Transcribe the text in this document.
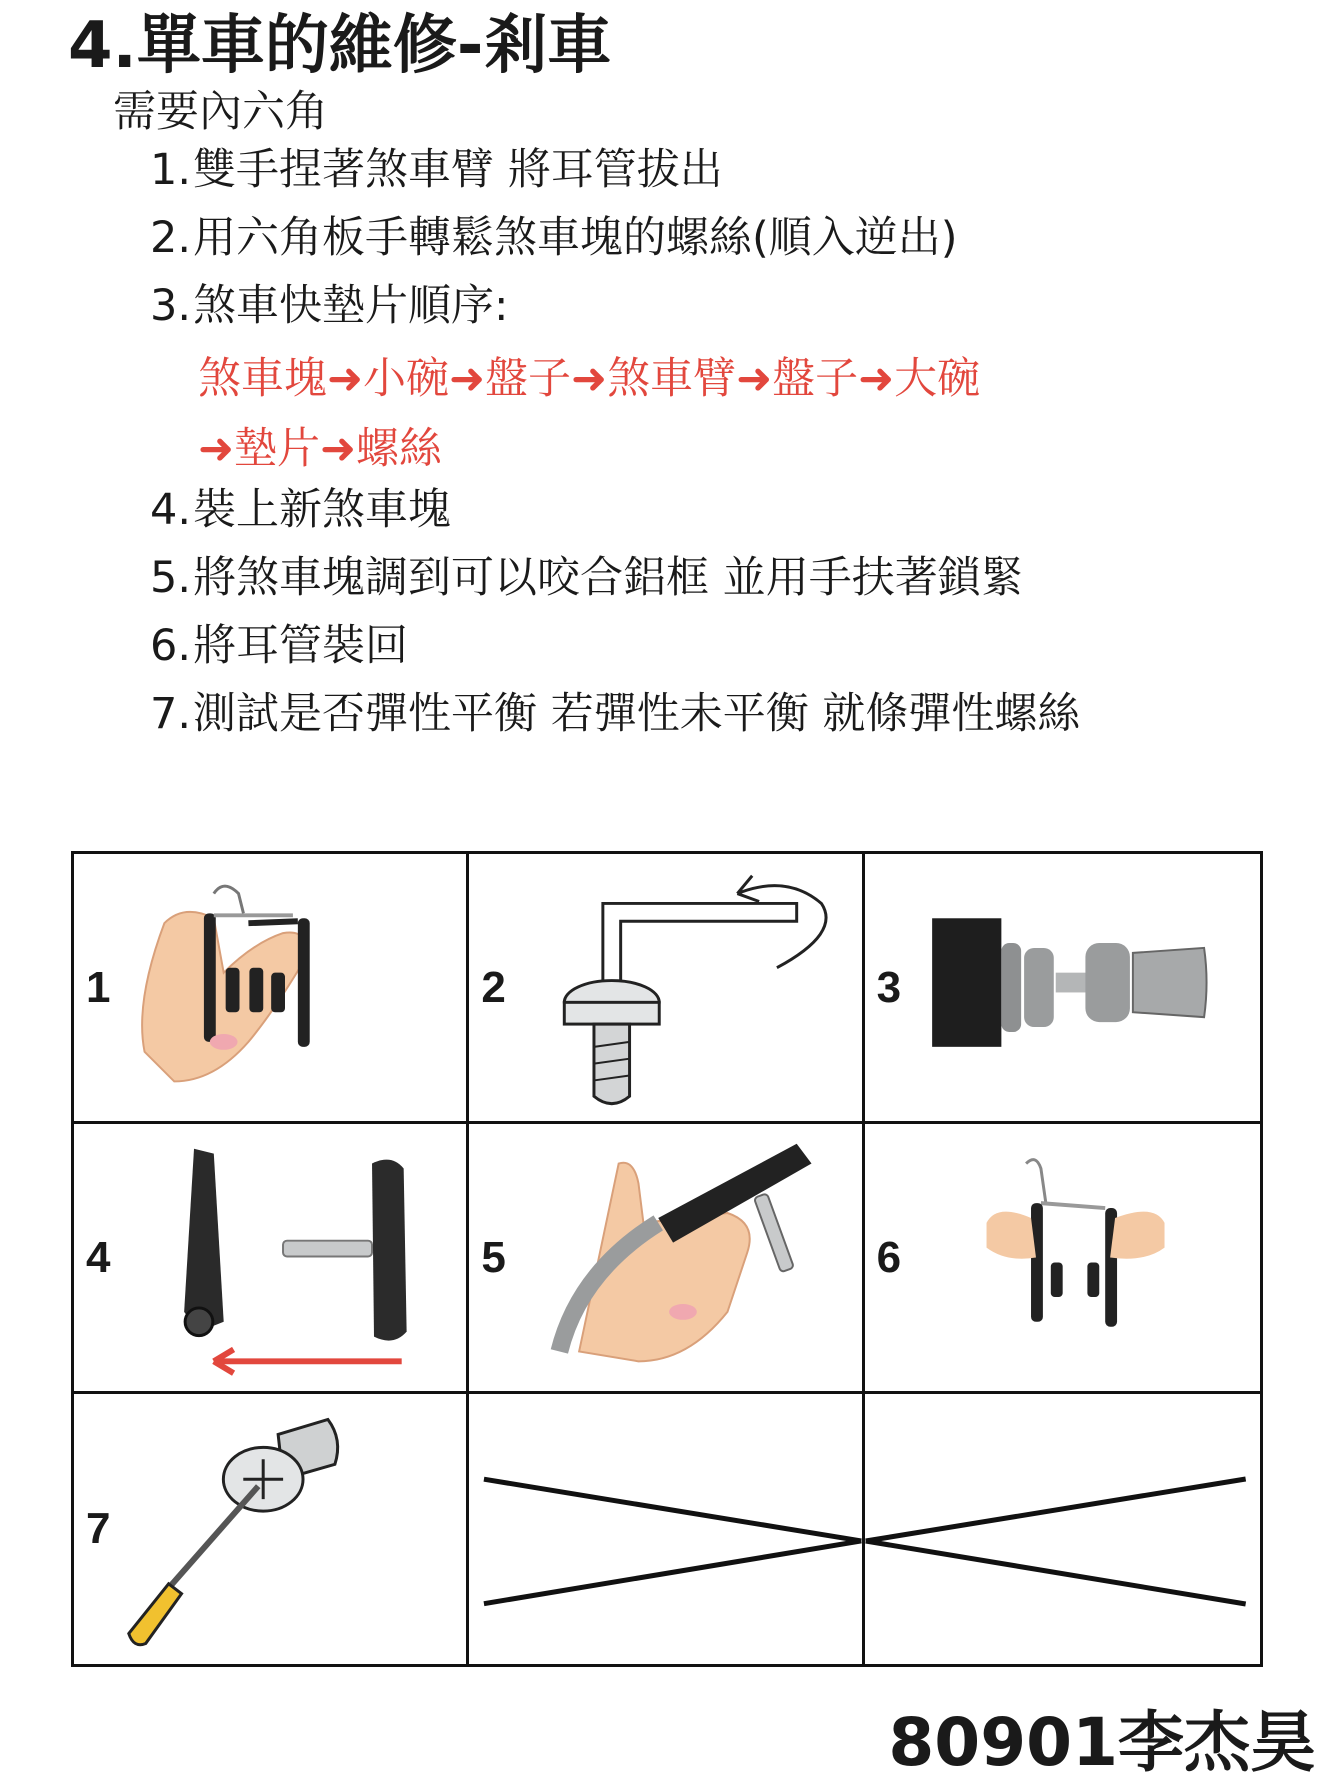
4.單車的維修-剎車
需要內六角
1.雙手捏著煞車臂 將耳管拔出
2.用六角板手轉鬆煞車塊的螺絲(順入逆出)
3.煞車快墊片順序:
4.裝上新煞車塊
5.將煞車塊調到可以咬合鋁框 並用手扶著鎖緊
6.將耳管裝回
7.測試是否彈性平衡 若彈性未平衡 就條彈性螺絲
煞車塊➜小碗➜盤子➜煞車臂➜盤子➜大碗
➜墊片➜螺絲
1	2	3
4	5	6
7
80901李杰昊
